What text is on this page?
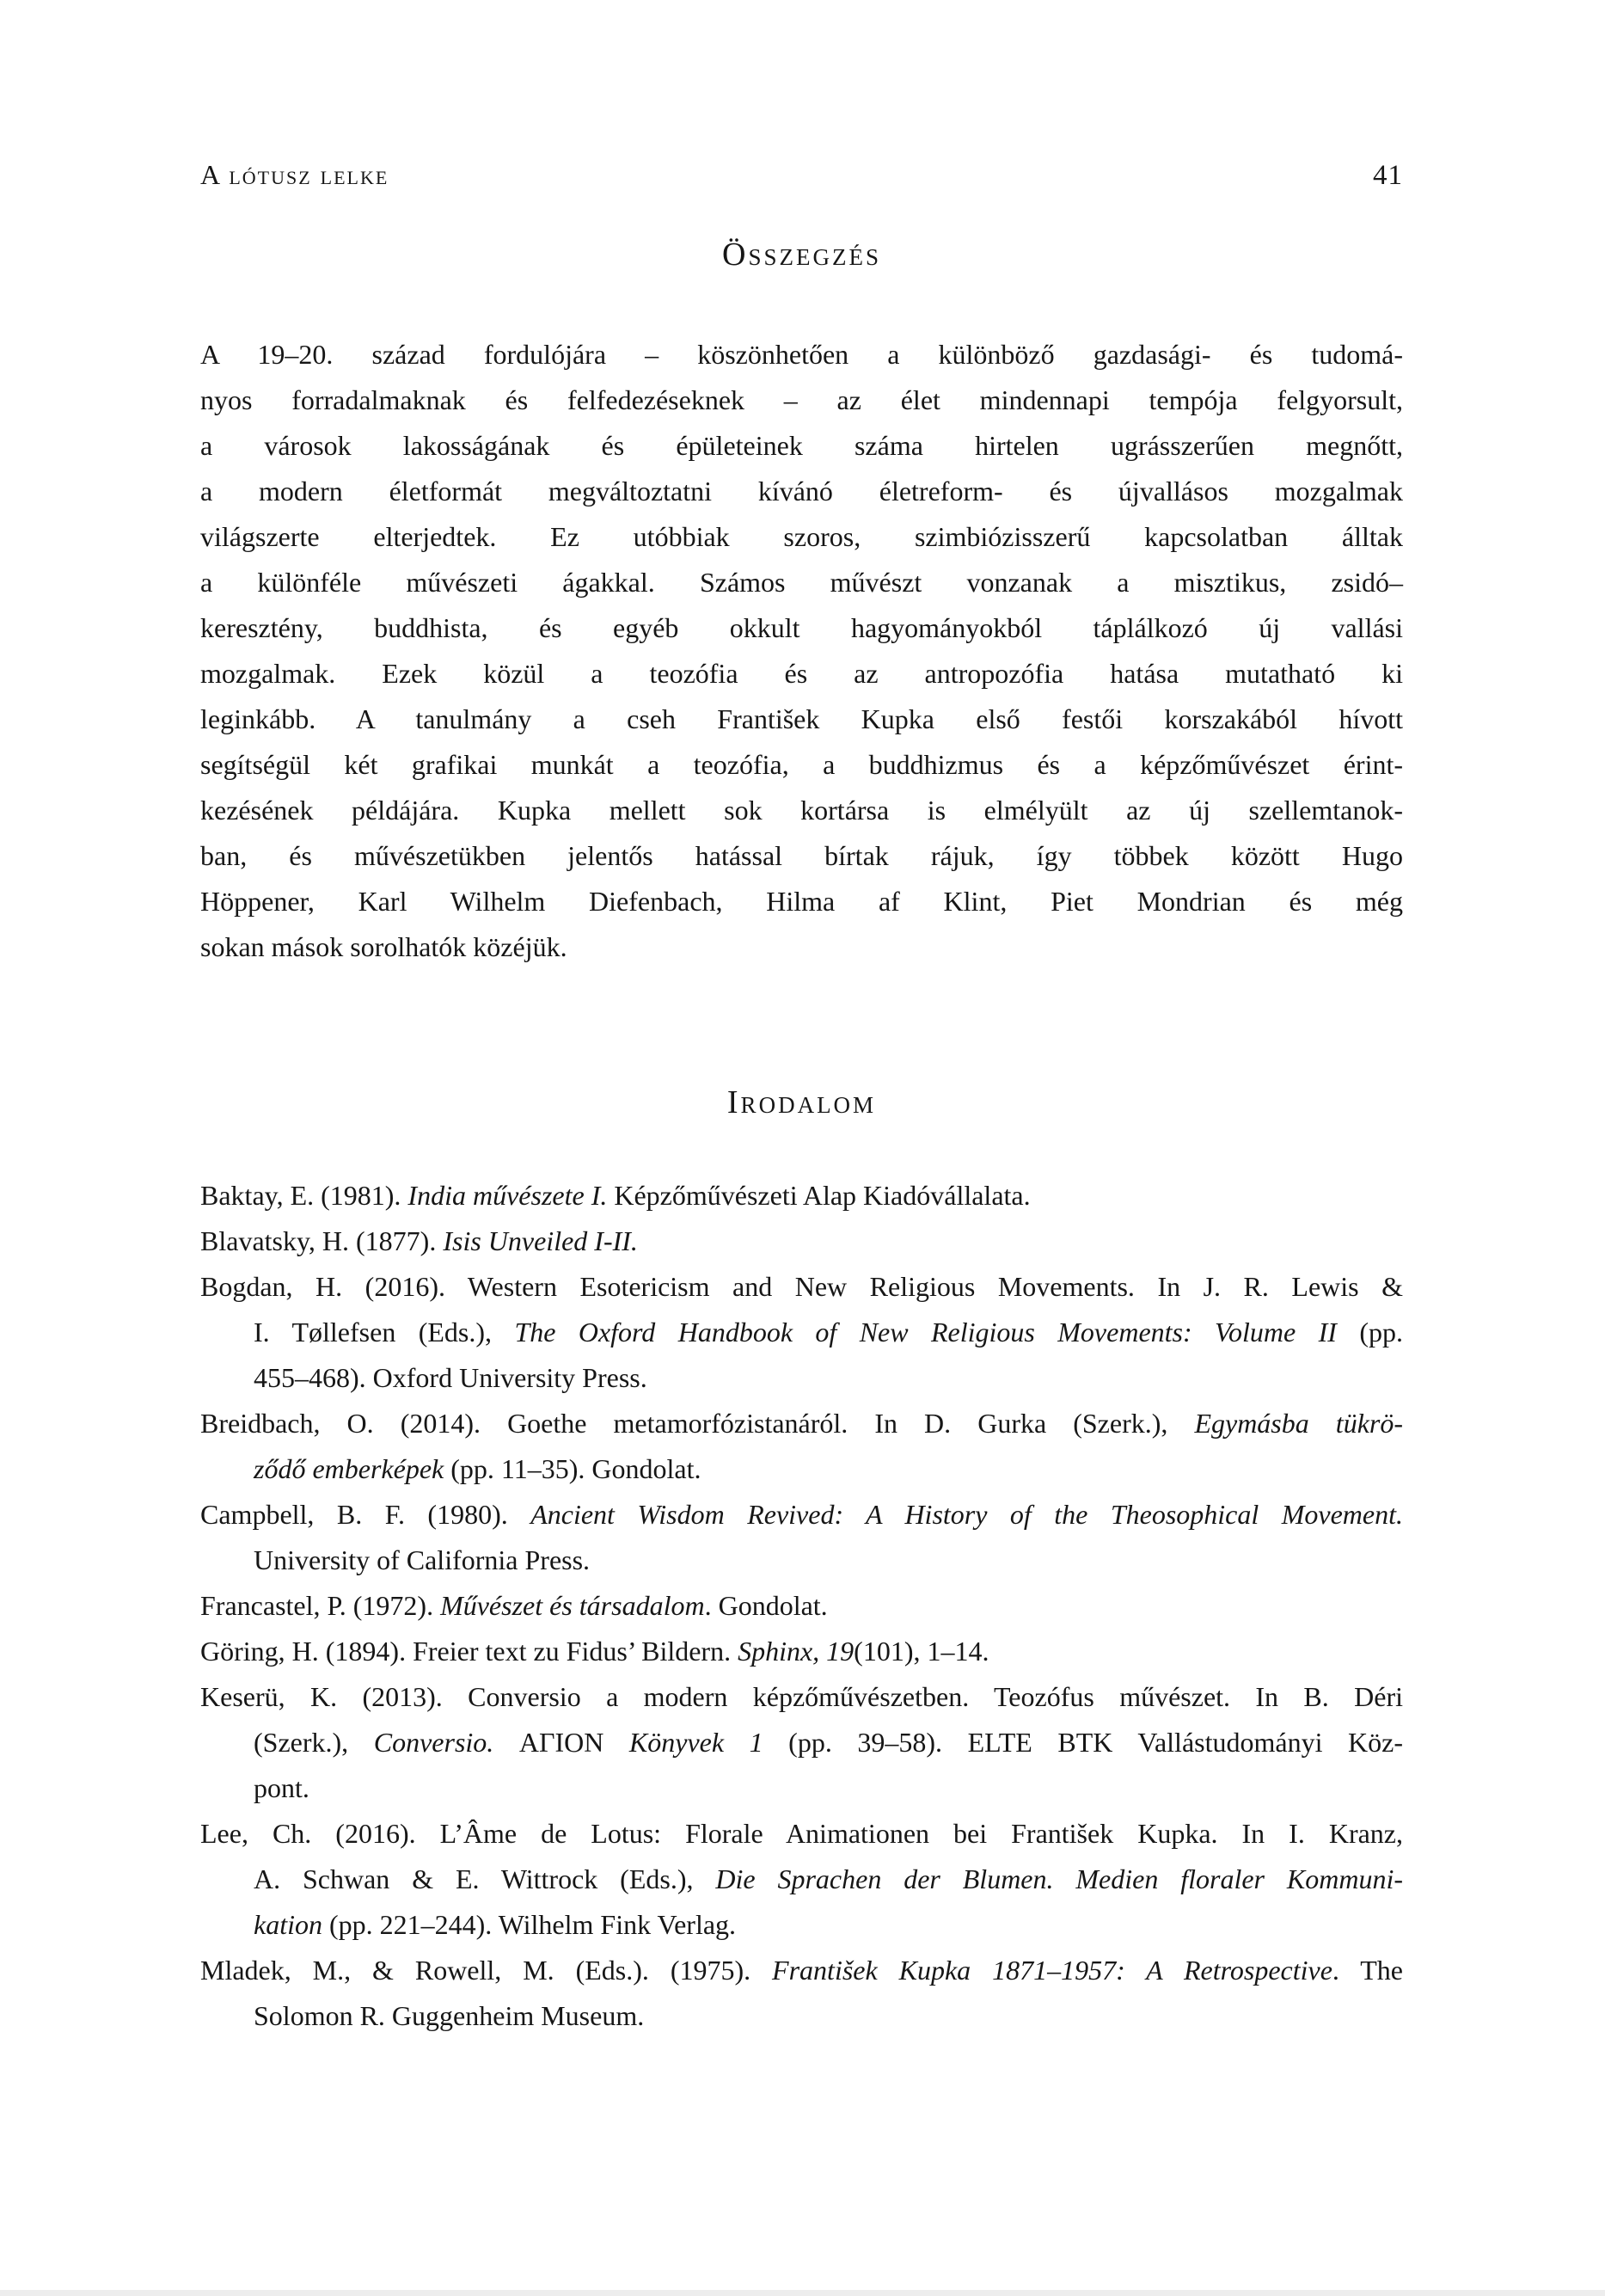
A lótusz lelke	41
Összegzés
A 19–20. század fordulójára – köszönhetően a különböző gazdasági- és tudomá-
nyos forradalmaknak és felfedezéseknek – az élet mindennapi tempója felgyorsult,
a városok lakosságának és épületeinek száma hirtelen ugrásszerűen megnőtt,
a modern életformát megváltoztatni kívánó életreform- és újvallásos mozgalmak
világszerte elterjedtek. Ez utóbbiak szoros, szimbiózisszerű kapcsolatban álltak
a különféle művészeti ágakkal. Számos művészt vonzanak a misztikus, zsidó–
keresztény, buddhista, és egyéb okkult hagyományokból táplálkozó új vallási
mozgalmak. Ezek közül a teozófia és az antropozófia hatása mutatható ki
leginkább. A tanulmány a cseh František Kupka első festői korszakából hívott
segítségül két grafikai munkát a teozófia, a buddhizmus és a képzőművészet érint-
kezésének példájára. Kupka mellett sok kortársa is elmélyült az új szellemtanok-
ban, és művészetükben jelentős hatással bírtak rájuk, így többek között Hugo
Höppener, Karl Wilhelm Diefenbach, Hilma af Klint, Piet Mondrian és még
sokan mások sorolhatók közéjük.
Irodalom
Baktay, E. (1981). India művészete I. Képzőművészeti Alap Kiadóvállalata.
Blavatsky, H. (1877). Isis Unveiled I-II.
Bogdan, H. (2016). Western Esotericism and New Religious Movements. In J. R. Lewis &
I. Tøllefsen (Eds.), The Oxford Handbook of New Religious Movements: Volume II (pp.
455–468). Oxford University Press.
Breidbach, O. (2014). Goethe metamorfózistanáról. In D. Gurka (Szerk.), Egymásba tükrö-
ződő emberképek (pp. 11–35). Gondolat.
Campbell, B. F. (1980). Ancient Wisdom Revived: A History of the Theosophical Movement.
University of California Press.
Francastel, P. (1972). Művészet és társadalom. Gondolat.
Göring, H. (1894). Freier text zu Fidus’ Bildern. Sphinx, 19(101), 1–14.
Keserü, K. (2013). Conversio a modern képzőművészetben. Teozófus művészet. In B. Déri
(Szerk.), Conversio. ΑΓΙΟΝ Könyvek 1 (pp. 39–58). ELTE BTK Vallástudományi Köz-
pont.
Lee, Ch. (2016). L’Âme de Lotus: Florale Animationen bei František Kupka. In I. Kranz,
A. Schwan & E. Wittrock (Eds.), Die Sprachen der Blumen. Medien floraler Kommuni-
kation (pp. 221–244). Wilhelm Fink Verlag.
Mladek, M., & Rowell, M. (Eds.). (1975). František Kupka 1871–1957: A Retrospective. The
Solomon R. Guggenheim Museum.
